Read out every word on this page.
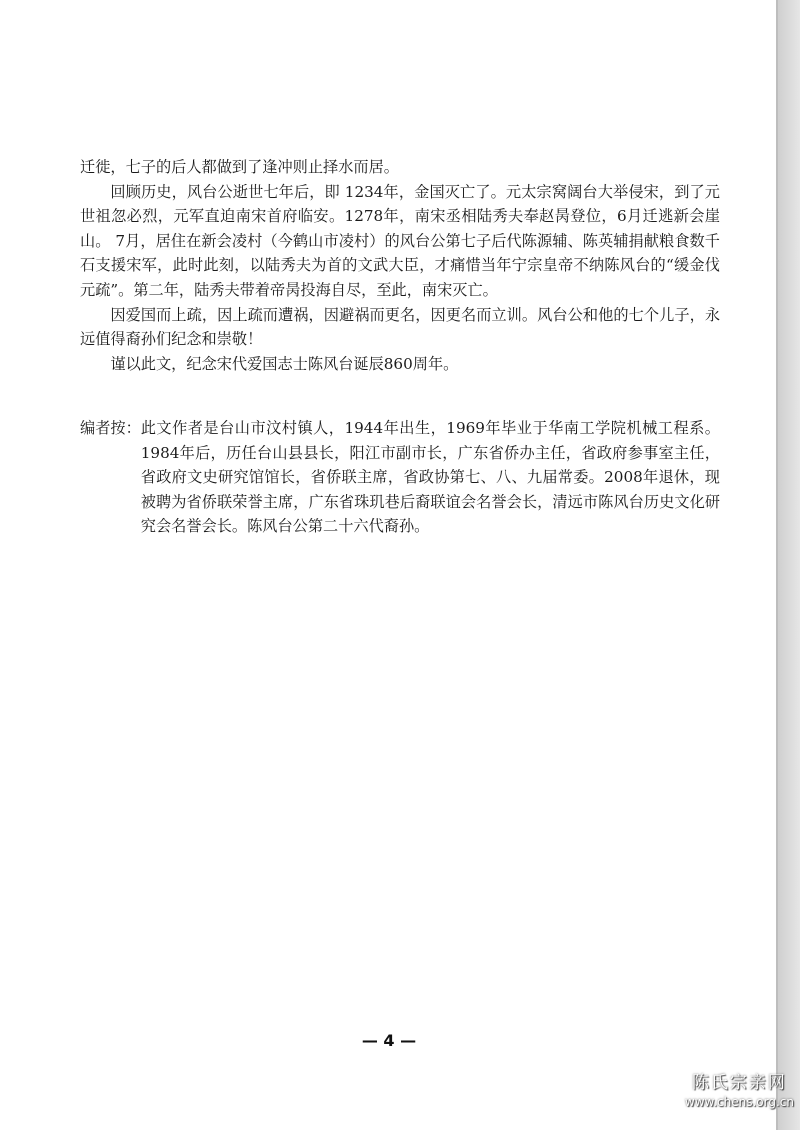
迁徙，七子的后人都做到了逢冲则止择水而居。

回顾历史，风台公逝世七年后，即 1234年，金国灭亡了。元太宗窝阔台大举侵宋，到了元世祖忽必烈，元军直迫南宋首府临安。1278年，南宋丞相陆秀夫奉赵昺登位，6月迁逃新会崖山。 7月，居住在新会凌村（今鹤山市凌村）的风台公第七子后代陈源辅、陈英辅捐献粮食数千石支援宋军，此时此刻，以陆秀夫为首的文武大臣，才痛惜当年宁宗皇帝不纳陈风台的“缓金伐元疏”。第二年，陆秀夫带着帝昺投海自尽，至此，南宋灭亡。

因爱国而上疏，因上疏而遭祸，因避祸而更名，因更名而立训。风台公和他的七个儿子，永远值得裔孙们纪念和崇敬！

谨以此文，纪念宋代爱国志士陈风台诞辰860周年。

编者按： 此文作者是台山市汶村镇人，1944年出生，1969年毕业于华南工学院机械工程系。1984年后，历任台山县县长，阳江市副市长，广东省侨办主任，省政府参事室主任，省政府文史研究馆馆长，省侨联主席，省政协第七、八、九届常委。2008年退休，现被聘为省侨联荣誉主席，广东省珠玑巷后裔联谊会名誉会长，清远市陈风台历史文化研究会名誉会长。陈风台公第二十六代裔孙。

— 4 —
陈氏宗亲网
www.chens.org.cn
